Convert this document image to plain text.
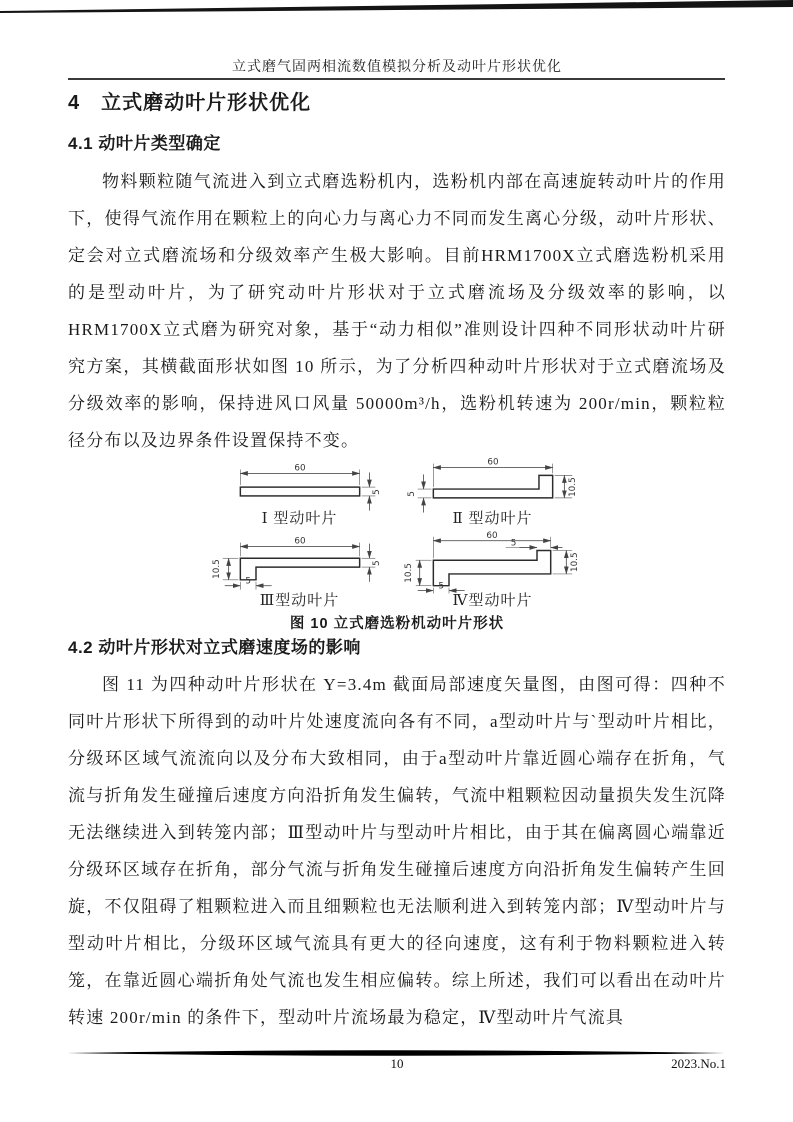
立式磨气固两相流数值模拟分析及动叶片形状优化
4　立式磨动叶片形状优化
4.1 动叶片类型确定
物料颗粒随气流进入到立式磨选粉机内，选粉机内部在高速旋转动叶片的作用下，使得气流作用在颗粒上的向心力与离心力不同而发生离心分级，动叶片形状、定会对立式磨流场和分级效率产生极大影响。目前HRM1700X立式磨选粉机采用的是型动叶片，为了研究动叶片形状对于立式磨流场及分级效率的影响，以HRM1700X立式磨为研究对象，基于“动力相似”准则设计四种不同形状动叶片研究方案，其横截面形状如图 10 所示，为了分析四种动叶片形状对于立式磨流场及分级效率的影响，保持进风口风量 50000m³/h，选粉机转速为 200r/min，颗粒粒径分布以及边界条件设置保持不变。
60
5
Ⅰ 型动叶片
60
5	10.5
Ⅱ 型动叶片
60
10.5
5
5
Ⅲ型动叶片
60
5
10.5
10.5
5
Ⅳ型动叶片
图 10 立式磨选粉机动叶片形状
4.2 动叶片形状对立式磨速度场的影响
图 11 为四种动叶片形状在 Y=3.4m 截面局部速度矢量图，由图可得：四种不同叶片形状下所得到的动叶片处速度流向各有不同，a型动叶片与`型动叶片相比，分级环区域气流流向以及分布大致相同，由于a型动叶片靠近圆心端存在折角，气流与折角发生碰撞后速度方向沿折角发生偏转，气流中粗颗粒因动量损失发生沉降无法继续进入到转笼内部；Ⅲ型动叶片与型动叶片相比，由于其在偏离圆心端靠近分级环区域存在折角，部分气流与折角发生碰撞后速度方向沿折角发生偏转产生回旋，不仅阻碍了粗颗粒进入而且细颗粒也无法顺利进入到转笼内部；Ⅳ型动叶片与型动叶片相比，分级环区域气流具有更大的径向速度，这有利于物料颗粒进入转笼，在靠近圆心端折角处气流也发生相应偏转。综上所述，我们可以看出在动叶片转速 200r/min 的条件下，型动叶片流场最为稳定，Ⅳ型动叶片气流具
10	2023.No.1
